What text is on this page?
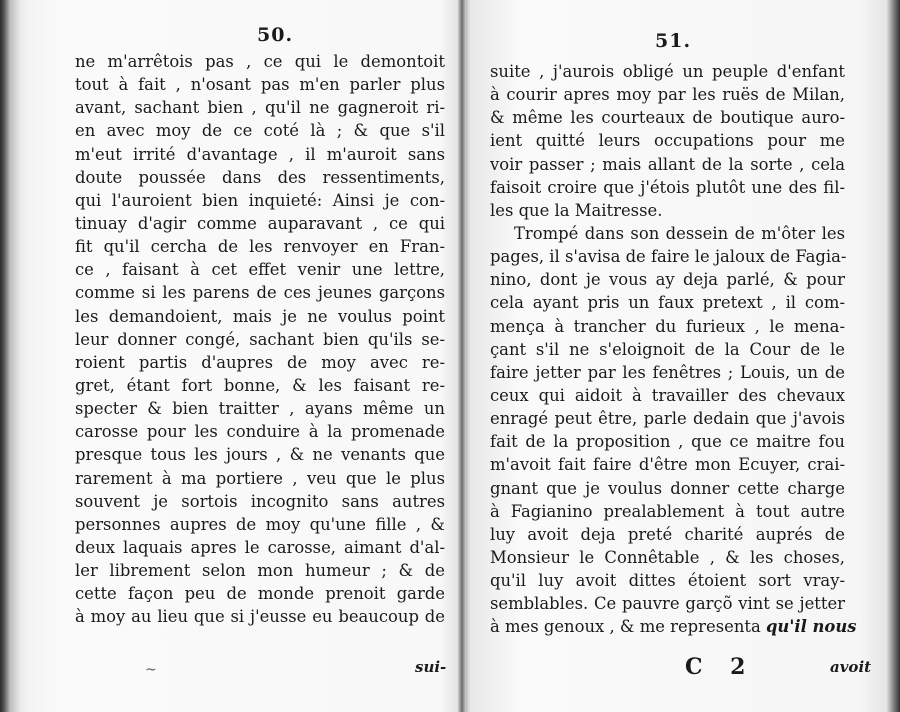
50.
ne m'arrêtois pas , ce qui le demontoit
tout à fait , n'osant pas m'en parler plus
avant, sachant bien , qu'il ne gagneroit ri-
en avec moy de ce coté là ; & que s'il
m'eut irrité d'avantage , il m'auroit sans
doute poussée dans des ressentiments,
qui l'auroient bien inquieté: Ainsi je con-
tinuay d'agir comme auparavant , ce qui
fit qu'il cercha de les renvoyer en Fran-
ce , faisant à cet effet venir une lettre,
comme si les parens de ces jeunes garçons
les demandoient, mais je ne voulus point
leur donner congé, sachant bien qu'ils se-
roient partis d'aupres de moy avec re-
gret, étant fort bonne, & les faisant re-
specter & bien traitter , ayans même un
carosse pour les conduire à la promenade
presque tous les jours , & ne venants que
rarement à ma portiere , veu que le plus
souvent je sortois incognito sans autres
personnes aupres de moy qu'une fille , &
deux laquais apres le carosse, aimant d'al-
ler librement selon mon humeur ; & de
cette façon peu de monde prenoit garde
à moy au lieu que si j'eusse eu beaucoup de
~	sui-
51.
suite , j'aurois obligé un peuple d'enfant
à courir apres moy par les ruës de Milan,
& même les courteaux de boutique auro-
ient quitté leurs occupations pour me
voir passer ; mais allant de la sorte , cela
faisoit croire que j'étois plutôt une des fil-
les que la Maitresse.
Trompé dans son dessein de m'ôter les
pages, il s'avisa de faire le jaloux de Fagia-
nino, dont je vous ay deja parlé, & pour
cela ayant pris un faux pretext , il com-
mença à trancher du furieux , le mena-
çant s'il ne s'eloignoit de la Cour de le
faire jetter par les fenêtres ; Louis, un de
ceux qui aidoit à travailler des chevaux
enragé peut être, parle dedain que j'avois
fait de la proposition , que ce maitre fou
m'avoit fait faire d'être mon Ecuyer, crai-
gnant que je voulus donner cette charge
à Fagianino prealablement à tout autre
luy avoit deja preté charité auprés de
Monsieur le Connêtable , & les choses,
qu'il luy avoit dittes étoient sort vray-
semblables. Ce pauvre garçõ vint se jetter
à mes genoux , & me representa qu'il nous
C 2	avoit
